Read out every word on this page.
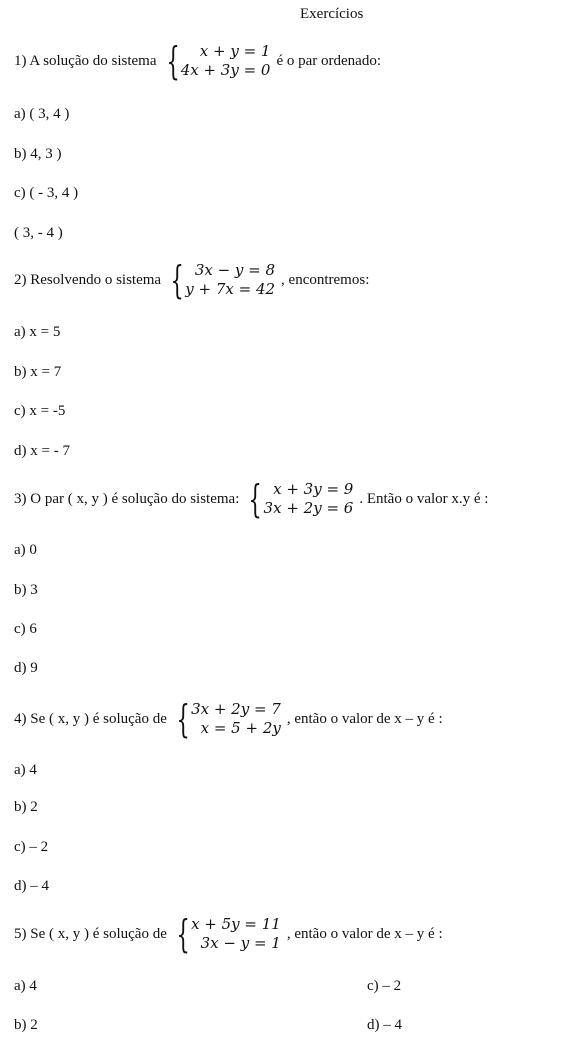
Exercícios
1) A solução do sistema {	x + y = 1
4x + 3y = 0
é o par ordenado:
a) ( 3, 4 )
b) 4, 3 )
c) ( - 3, 4 )
( 3, - 4 )
2) Resolvendo o sistema { 3x − y = 8
y + 7x = 42
, encontremos:
a) x = 5
b) x = 7
c) x = -5
d) x = - 7
3) O par ( x, y ) é solução do sistema: { x + 3y = 9
3x + 2y = 6
. Então o valor x.y é :
a) 0
b) 3
c) 6
d) 9
4) Se ( x, y ) é solução de { 3x + 2y = 7
x = 5 + 2y
, então o valor de x – y é :
a) 4
b) 2
c) – 2
d) – 4
5) Se ( x, y ) é solução de { x + 5y = 11
3x − y = 1
, então o valor de x – y é :
a) 4
b) 2
c) – 2
d) – 4
